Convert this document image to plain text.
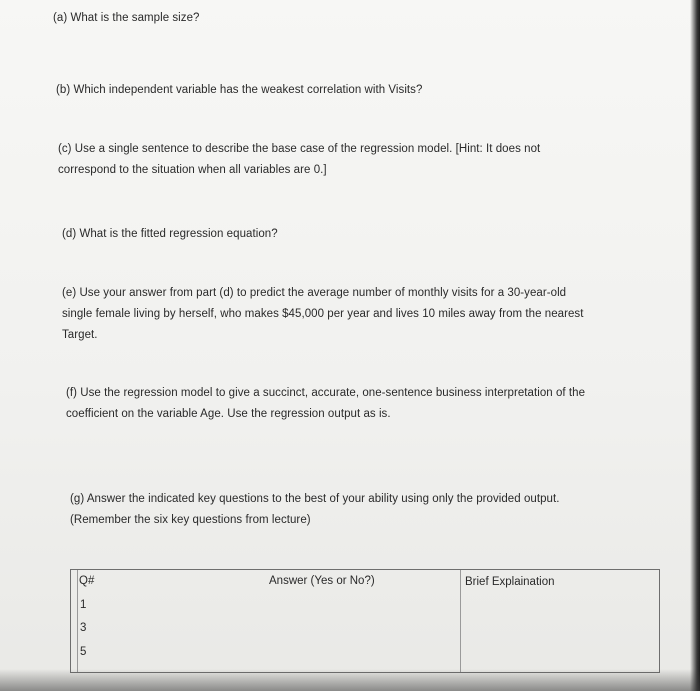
(a) What is the sample size?
(b) Which independent variable has the weakest correlation with Visits?
(c) Use a single sentence to describe the base case of the regression model. [Hint: It does not
correspond to the situation when all variables are 0.]
(d) What is the fitted regression equation?
(e) Use your answer from part (d) to predict the average number of monthly visits for a 30-year-old
single female living by herself, who makes $45,000 per year and lives 10 miles away from the nearest
Target.
(f) Use the regression model to give a succinct, accurate, one-sentence business interpretation of the
coefficient on the variable Age. Use the regression output as is.
(g) Answer the indicated key questions to the best of your ability using only the provided output.
(Remember the six key questions from lecture)
Q#	Answer (Yes or No?)	Brief Explaination
1
3
5
